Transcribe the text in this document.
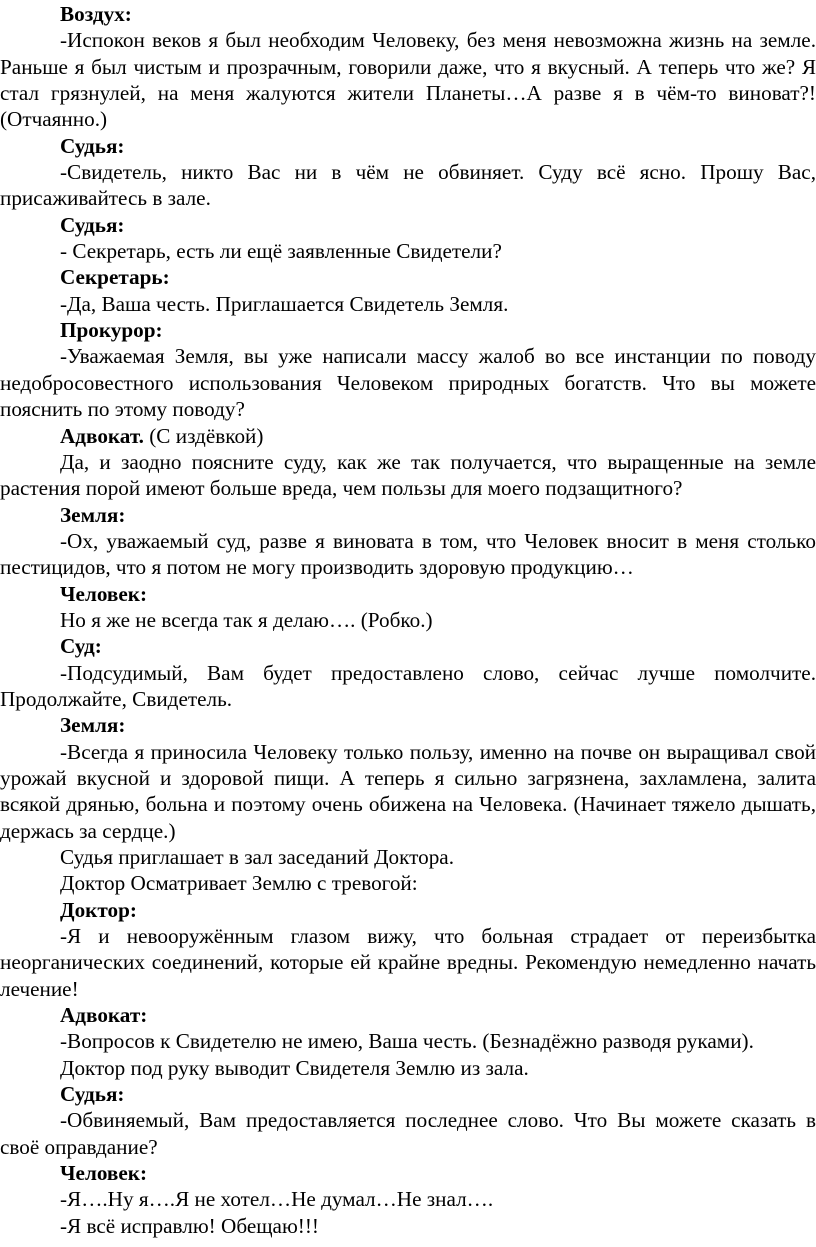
Воздух:

-Испокон веков я был необходим Человеку, без меня невозможна жизнь на земле. Раньше я был чистым и прозрачным, говорили даже, что я вкусный. А теперь что же? Я стал грязнулей, на меня жалуются жители Планеты…А разве я в чём-то виноват?! (Отчаянно.)

Судья:

-Свидетель, никто Вас ни в чём не обвиняет. Суду всё ясно. Прошу Вас, присаживайтесь в зале.

Судья:

- Секретарь, есть ли ещё заявленные Свидетели?

Секретарь:

-Да, Ваша честь. Приглашается Свидетель Земля.

Прокурор:

-Уважаемая Земля, вы уже написали массу жалоб во все инстанции по поводу недобросовестного использования Человеком природных богатств. Что вы можете пояснить по этому поводу?

Адвокат. (С издёвкой)

Да, и заодно поясните суду, как же так получается, что выращенные на земле растения порой имеют больше вреда, чем пользы для моего подзащитного?

Земля:

-Ох, уважаемый суд, разве я виновата в том, что Человек вносит в меня столько пестицидов, что я потом не могу производить здоровую продукцию…

Человек:

Но я же не всегда так я делаю…. (Робко.)

Суд:

-Подсудимый, Вам будет предоставлено слово, сейчас лучше помолчите. Продолжайте, Свидетель.

Земля:

-Всегда я приносила Человеку только пользу, именно на почве он выращивал свой урожай вкусной и здоровой пищи. А теперь я сильно загрязнена, захламлена, залита всякой дрянью, больна и поэтому очень обижена на Человека. (Начинает тяжело дышать, держась за сердце.)

Судья приглашает в зал заседаний Доктора.

Доктор Осматривает Землю с тревогой:

Доктор:

-Я и невооружённым глазом вижу, что больная страдает от переизбытка неорганических соединений, которые ей крайне вредны. Рекомендую немедленно начать лечение!

Адвокат:

-Вопросов к Свидетелю не имею, Ваша честь. (Безнадёжно разводя руками).

Доктор под руку выводит Свидетеля Землю из зала.

Судья:

-Обвиняемый, Вам предоставляется последнее слово. Что Вы можете сказать в своё оправдание?

Человек:

-Я….Ну я….Я не хотел…Не думал…Не знал….

-Я всё исправлю! Обещаю!!!
